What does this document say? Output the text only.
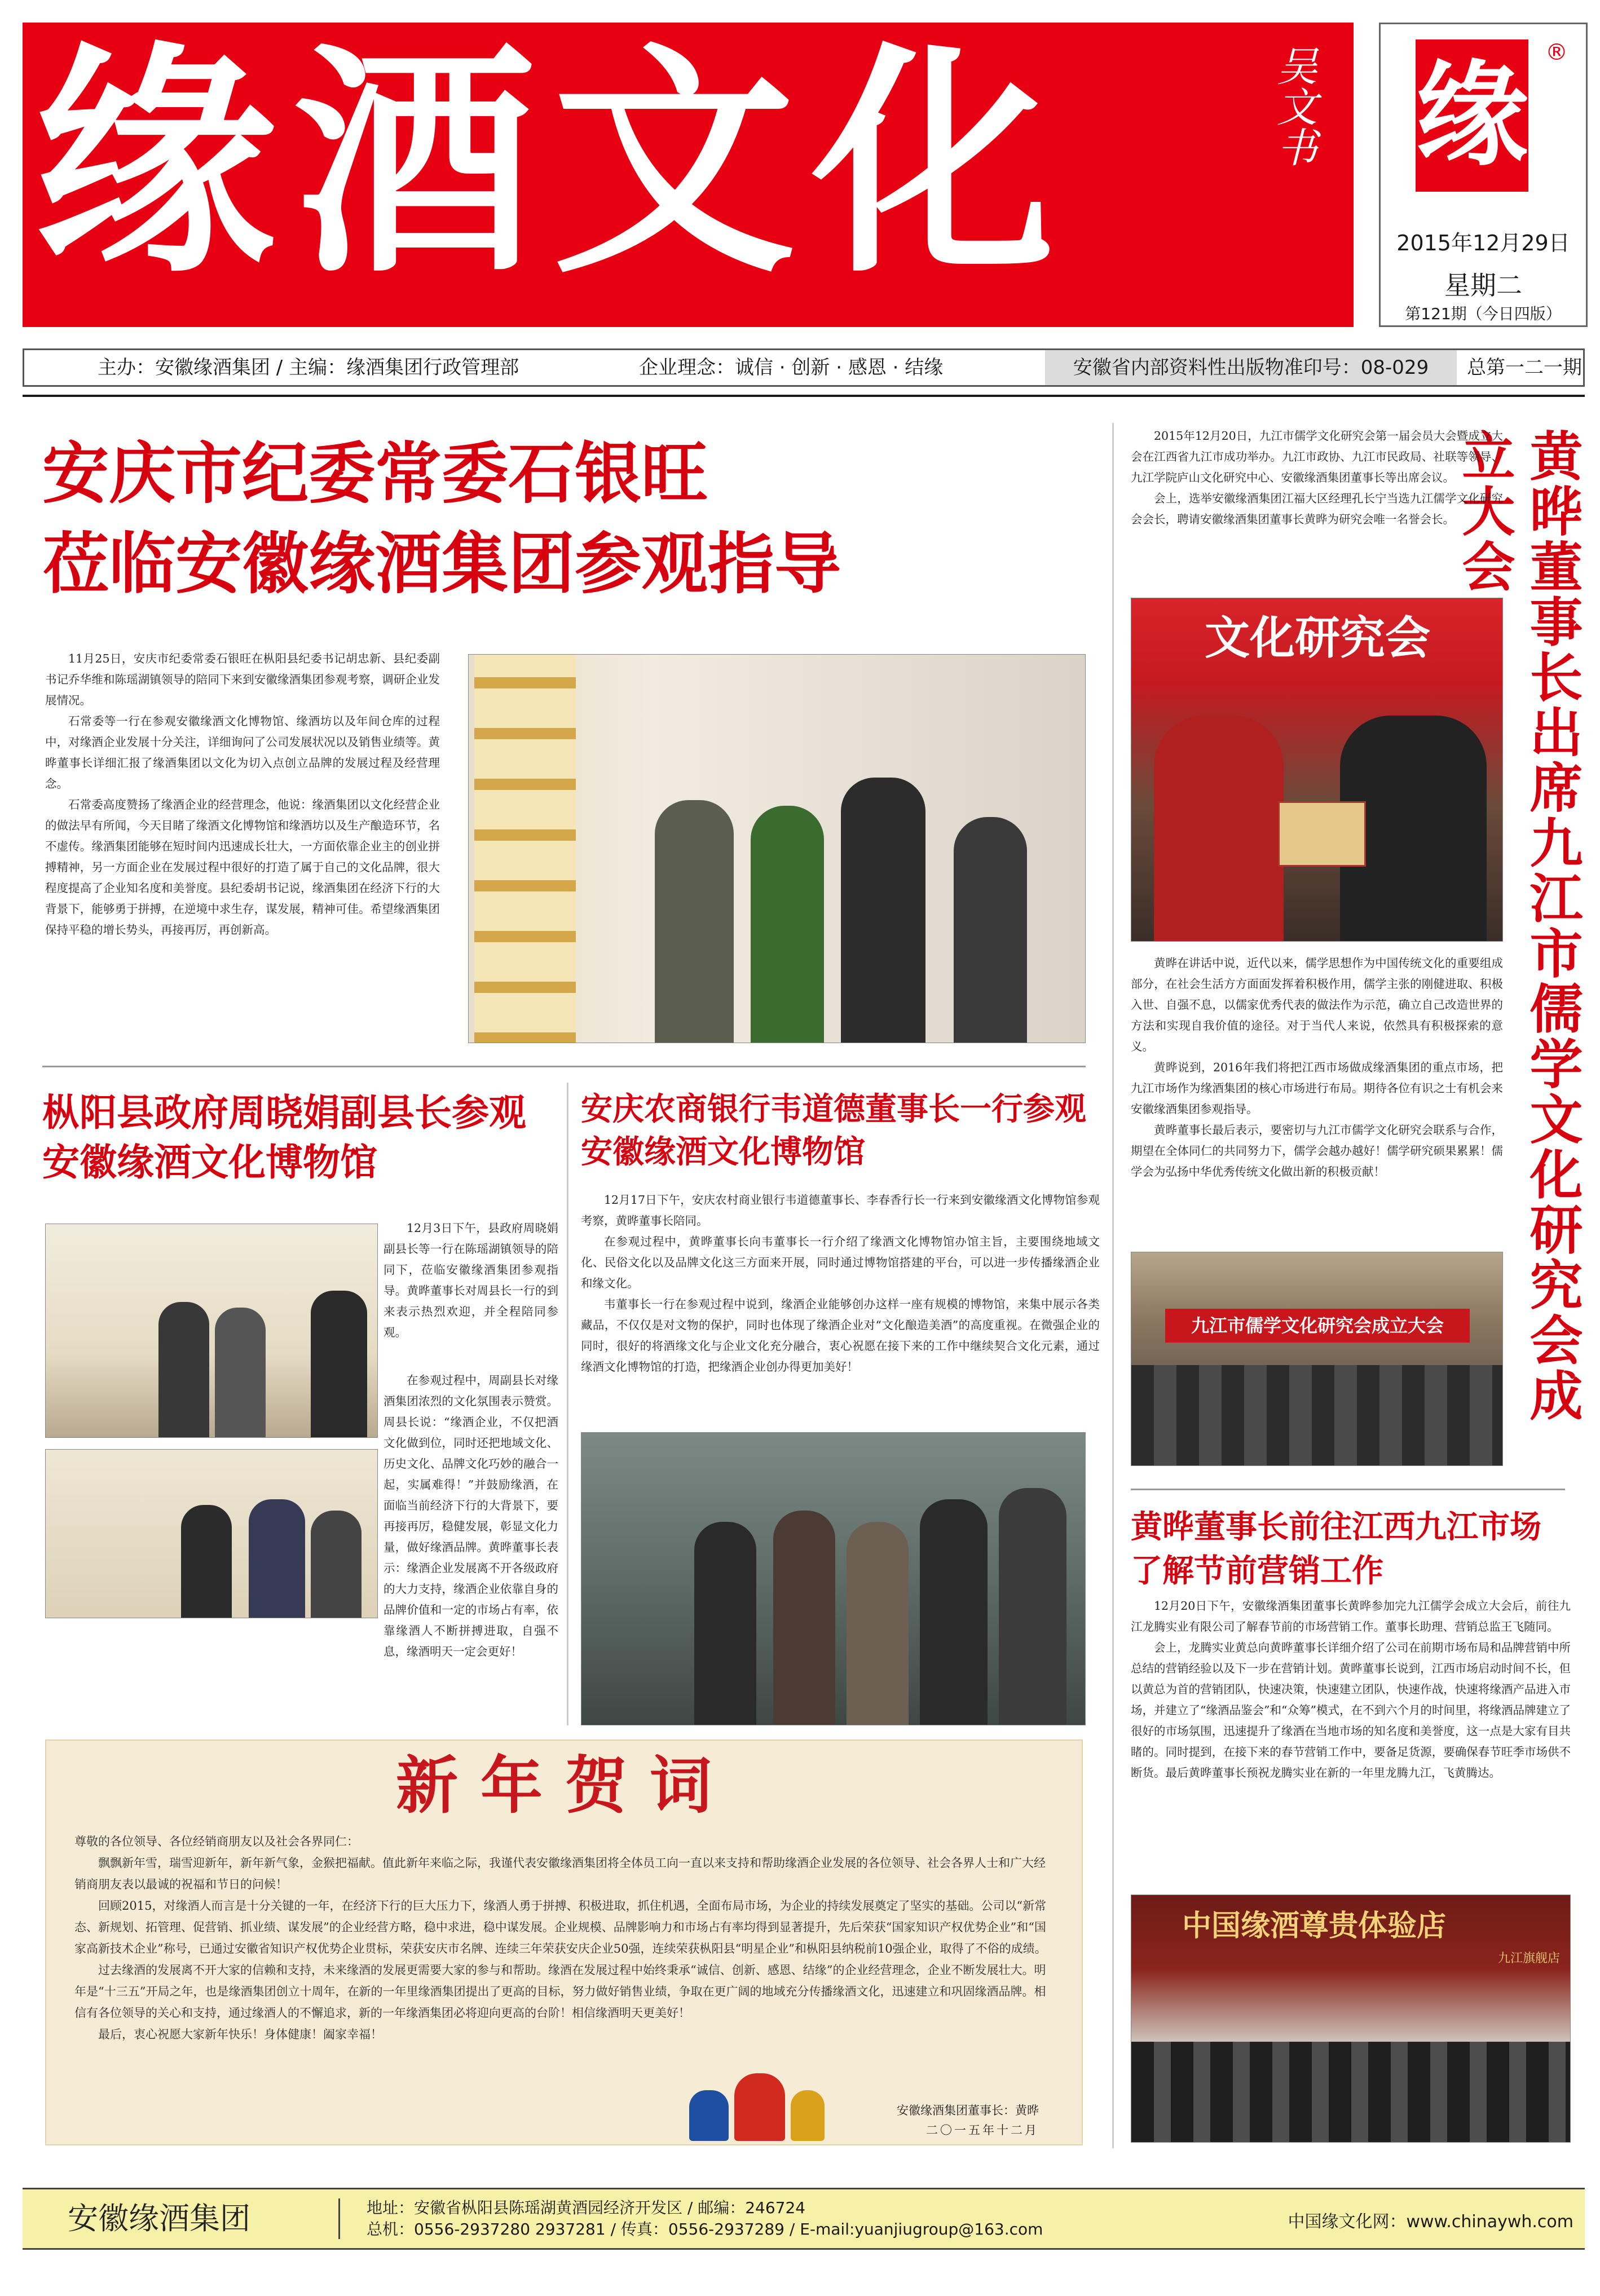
缘酒文化	吴文书 缘 ®
2015年12月29日
星期二
第121期（今日四版）
主办：安徽缘酒集团 / 主编：缘酒集团行政管理部	企业理念：诚信 · 创新 · 感恩 · 结缘	安徽省内部资料性出版物准印号：08-029	总第一二一期
安庆市纪委常委石银旺
莅临安徽缘酒集团参观指导

11月25日，安庆市纪委常委石银旺在枞阳县纪委书记胡忠新、县纪委副书记乔华维和陈瑶湖镇领导的陪同下来到安徽缘酒集团参观考察，调研企业发展情况。

石常委等一行在参观安徽缘酒文化博物馆、缘酒坊以及年间仓库的过程中，对缘酒企业发展十分关注，详细询问了公司发展状况以及销售业绩等。黄晔董事长详细汇报了缘酒集团以文化为切入点创立品牌的发展过程及经营理念。

石常委高度赞扬了缘酒企业的经营理念，他说：缘酒集团以文化经营企业的做法早有所闻，今天目睹了缘酒文化博物馆和缘酒坊以及生产酿造环节，名不虚传。缘酒集团能够在短时间内迅速成长壮大，一方面依靠企业主的创业拼搏精神，另一方面企业在发展过程中很好的打造了属于自己的文化品牌，很大程度提高了企业知名度和美誉度。县纪委胡书记说，缘酒集团在经济下行的大背景下，能够勇于拼搏，在逆境中求生存，谋发展，精神可佳。希望缘酒集团保持平稳的增长势头，再接再厉，再创新高。

枞阳县政府周晓娟副县长参观安徽缘酒文化博物馆

12月3日下午，县政府周晓娟副县长等一行在陈瑶湖镇领导的陪同下，莅临安徽缘酒集团参观指导。黄晔董事长对周县长一行的到来表示热烈欢迎，并全程陪同参观。

在参观过程中，周副县长对缘酒集团浓烈的文化氛围表示赞赏。周县长说：“缘酒企业，不仅把酒文化做到位，同时还把地域文化、历史文化、品牌文化巧妙的融合一起，实属难得！”并鼓励缘酒，在面临当前经济下行的大背景下，要再接再厉，稳健发展，彰显文化力量，做好缘酒品牌。黄晔董事长表示：缘酒企业发展离不开各级政府的大力支持，缘酒企业依靠自身的品牌价值和一定的市场占有率，依靠缘酒人不断拼搏进取，自强不息，缘酒明天一定会更好！

安庆农商银行韦道德董事长一行参观安徽缘酒文化博物馆

12月17日下午，安庆农村商业银行韦道德董事长、李春香行长一行来到安徽缘酒文化博物馆参观考察，黄晔董事长陪同。

在参观过程中，黄晔董事长向韦董事长一行介绍了缘酒文化博物馆办馆主旨，主要围绕地域文化、民俗文化以及品牌文化这三方面来开展，同时通过博物馆搭建的平台，可以进一步传播缘酒企业和缘文化。

韦董事长一行在参观过程中说到，缘酒企业能够创办这样一座有规模的博物馆，来集中展示各类藏品，不仅仅是对文物的保护，同时也体现了缘酒企业对“文化酿造美酒”的高度重视。在微强企业的同时，很好的将酒缘文化与企业文化充分融合，衷心祝愿在接下来的工作中继续契合文化元素，通过缘酒文化博物馆的打造，把缘酒企业创办得更加美好！	黄晔董事长出席九江市儒学文化研究会成立大会

2015年12月20日，九江市儒学文化研究会第一届会员大会暨成立大会在江西省九江市成功举办。九江市政协、九江市民政局、社联等领导、九江学院庐山文化研究中心、安徽缘酒集团董事长等出席会议。

会上，选举安徽缘酒集团江福大区经理孔长宁当选九江儒学文化研究会会长，聘请安徽缘酒集团董事长黄晔为研究会唯一名誉会长。

文化研究会

黄晔在讲话中说，近代以来，儒学思想作为中国传统文化的重要组成部分，在社会生活方方面面发挥着积极作用，儒学主张的刚健进取、积极入世、自强不息，以儒家优秀代表的做法作为示范，确立自己改造世界的方法和实现自我价值的途径。对于当代人来说，依然具有积极探索的意义。

黄晔说到，2016年我们将把江西市场做成缘酒集团的重点市场，把九江市场作为缘酒集团的核心市场进行布局。期待各位有识之士有机会来安徽缘酒集团参观指导。

黄晔董事长最后表示，要密切与九江市儒学文化研究会联系与合作，期望在全体同仁的共同努力下，儒学会越办越好！儒学研究硕果累累！儒学会为弘扬中华优秀传统文化做出新的积极贡献！

九江市儒学文化研究会成立大会
黄晔董事长前往江西九江市场了解节前营销工作

12月20日下午，安徽缘酒集团董事长黄晔参加完九江儒学会成立大会后，前往九江龙腾实业有限公司了解春节前的市场营销工作。董事长助理、营销总监王飞随同。

会上，龙腾实业黄总向黄晔董事长详细介绍了公司在前期市场布局和品牌营销中所总结的营销经验以及下一步在营销计划。黄晔董事长说到，江西市场启动时间不长，但以黄总为首的营销团队，快速决策，快速建立团队，快速作战，快速将缘酒产品进入市场，并建立了“缘酒品鉴会”和“众筹”模式，在不到六个月的时间里，将缘酒品牌建立了很好的市场氛围，迅速提升了缘酒在当地市场的知名度和美誉度，这一点是大家有目共睹的。同时提到，在接下来的春节营销工作中，要备足货源，要确保春节旺季市场供不断货。最后黄晔董事长预祝龙腾实业在新的一年里龙腾九江，飞黄腾达。

中国缘酒尊贵体验店
九江旗舰店
新年贺词
尊敬的各位领导、各位经销商朋友以及社会各界同仁：

飘飘新年雪，瑞雪迎新年，新年新气象，金猴把福献。值此新年来临之际，我谨代表安徽缘酒集团将全体员工向一直以来支持和帮助缘酒企业发展的各位领导、社会各界人士和广大经销商朋友表以最诚的祝福和节日的问候！

回顾2015，对缘酒人而言是十分关键的一年，在经济下行的巨大压力下，缘酒人勇于拼搏、积极进取，抓住机遇，全面布局市场，为企业的持续发展奠定了坚实的基础。公司以“新常态、新规划、拓管理、促营销、抓业绩、谋发展”的企业经营方略，稳中求进，稳中谋发展。企业规模、品牌影响力和市场占有率均得到显著提升，先后荣获“国家知识产权优势企业”和“国家高新技术企业”称号，已通过安徽省知识产权优势企业贯标，荣获安庆市名牌、连续三年荣获安庆企业50强，连续荣获枞阳县“明星企业”和枞阳县纳税前10强企业，取得了不俗的成绩。

过去缘酒的发展离不开大家的信赖和支持，未来缘酒的发展更需要大家的参与和帮助。缘酒在发展过程中始终秉承“诚信、创新、感恩、结缘”的企业经营理念，企业不断发展壮大。明年是“十三五”开局之年，也是缘酒集团创立十周年，在新的一年里缘酒集团提出了更高的目标，努力做好销售业绩，争取在更广阔的地域充分传播缘酒文化，迅速建立和巩固缘酒品牌。相信有各位领导的关心和支持，通过缘酒人的不懈追求，新的一年缘酒集团必将迎向更高的台阶！相信缘酒明天更美好！

最后，衷心祝愿大家新年快乐！身体健康！阖家幸福！

安徽缘酒集团董事长：黄晔
二〇一五年十二月
安徽缘酒集团	地址：安徽省枞阳县陈瑶湖黄酒园经济开发区 / 邮编：246724
总机：0556-2937280 2937281 / 传真：0556-2937289 / E-mail:yuanjiugroup@163.com	中国缘文化网：www.chinaywh.com
